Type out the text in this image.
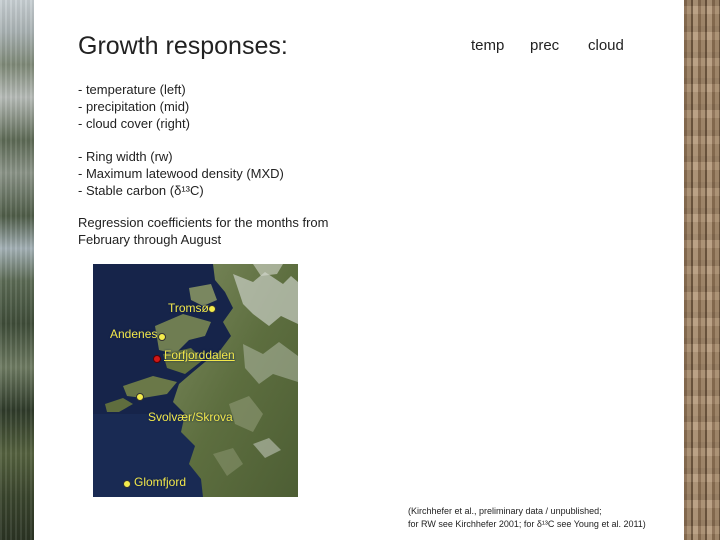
Growth responses:	temp prec cloud
- temperature (left)
- precipitation (mid)
- cloud cover (right)
- Ring width (rw)
- Maximum latewood density (MXD)
- Stable carbon (δ¹³C)
Regression coefficients for the months from
February through August
Tromsø
Andenes
Forfjorddalen
Svolvær/Skrova
Glomfjord
(Kirchhefer et al., preliminary data / unpublished;
for RW see Kirchhefer 2001; for δ¹³C see Young et al. 2011)
